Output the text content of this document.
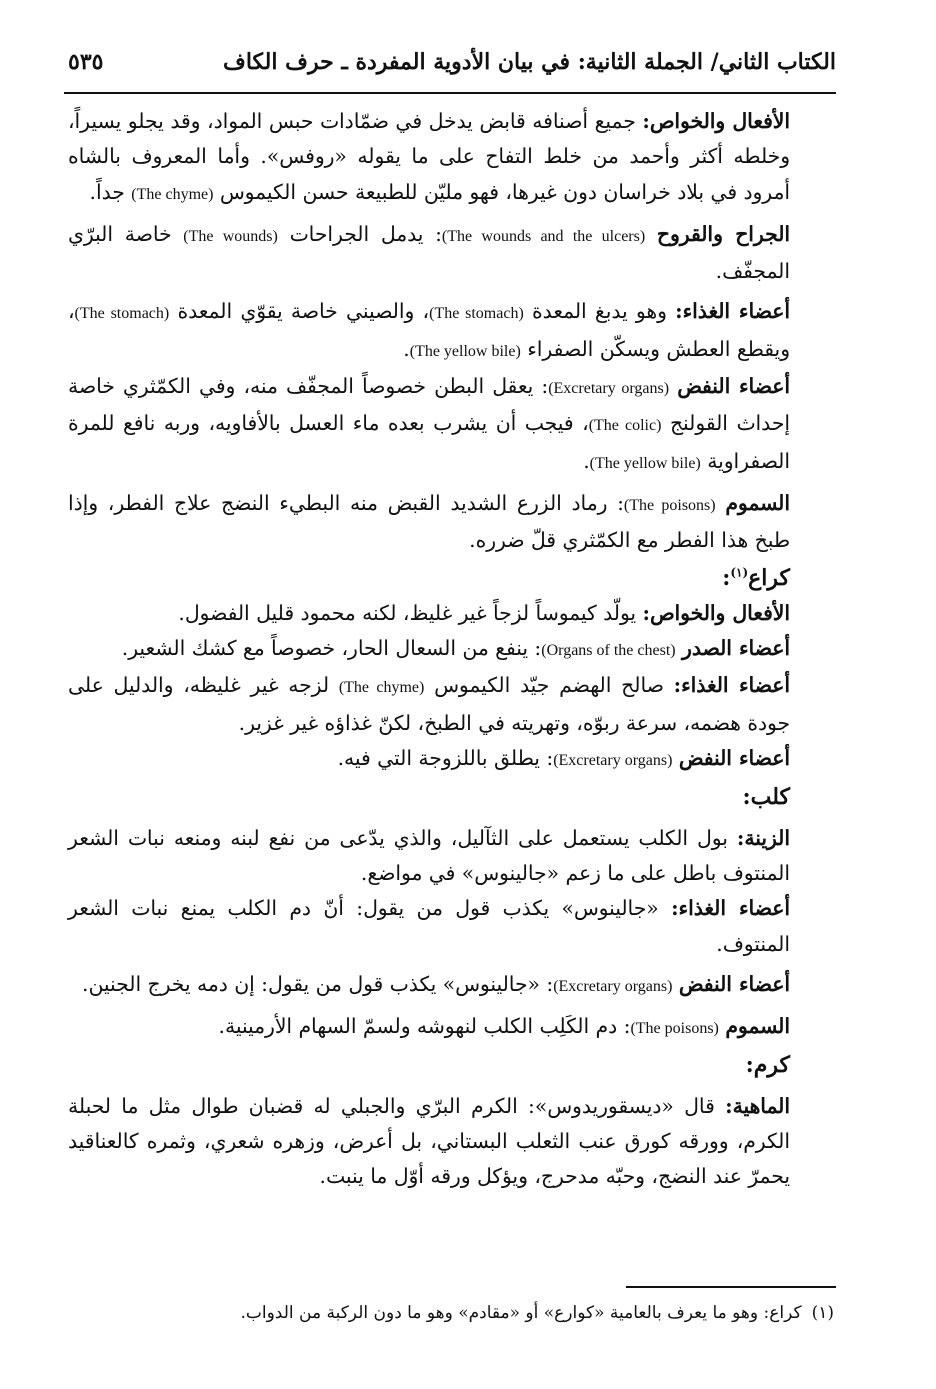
الكتاب الثاني/ الجملة الثانية: في بيان الأدوية المفردة ـ حرف الكاف
٥٣٥

الأفعال والخواص: جميع أصنافه قابض يدخل في ضمّادات حبس المواد، وقد يجلو يسيراً، وخلطه أكثر وأحمد من خلط التفاح على ما يقوله «روفس». وأما المعروف بالشاه أمرود في بلاد خراسان دون غيرها، فهو مليّن للطبيعة حسن الكيموس (The chyme) جداً.

الجراح والقروح (The wounds and the ulcers): يدمل الجراحات (The wounds) خاصة البرّي المجفّف.

أعضاء الغذاء: وهو يدبغ المعدة (The stomach)، والصيني خاصة يقوّي المعدة (The stomach)، ويقطع العطش ويسكّن الصفراء (The yellow bile).

أعضاء النفض (Excretary organs): يعقل البطن خصوصاً المجفّف منه، وفي الكمّثري خاصة إحداث القولنج (The colic)، فيجب أن يشرب بعده ماء العسل بالأفاويه، وربه نافع للمرة الصفراوية (The yellow bile).

السموم (The poisons): رماد الزرع الشديد القبض منه البطيء النضج علاج الفطر، وإذا طبخ هذا الفطر مع الكمّثري قلّ ضرره.

كراع$^{(١)}$:

الأفعال والخواص: يولّد كيموساً لزجاً غير غليظ، لكنه محمود قليل الفضول.

أعضاء الصدر (Organs of the chest): ينفع من السعال الحار، خصوصاً مع كشك الشعير.

أعضاء الغذاء: صالح الهضم جيّد الكيموس (The chyme) لزجه غير غليظه، والدليل على جودة هضمه، سرعة ربوّه، وتهريته في الطبخ، لكنّ غذاؤه غير غزير.

أعضاء النفض (Excretary organs): يطلق باللزوجة التي فيه.

كلب:

الزينة: بول الكلب يستعمل على الثآليل، والذي يدّعى من نفع لبنه ومنعه نبات الشعر المنتوف باطل على ما زعم «جالينوس» في مواضع.

أعضاء الغذاء: «جالينوس» يكذب قول من يقول: أنّ دم الكلب يمنع نبات الشعر المنتوف.

أعضاء النفض (Excretary organs): «جالينوس» يكذب قول من يقول: إن دمه يخرج الجنين.

السموم (The poisons): دم الكَلِب الكلب لنهوشه ولسمّ السهام الأرمينية.

كرم:

الماهية: قال «ديسقوريدوس»: الكرم البرّي والجبلي له قضبان طوال مثل ما لحبلة الكرم، وورقه كورق عنب الثعلب البستاني، بل أعرض، وزهره شعري، وثمره كالعناقيد يحمرّ عند النضج، وحبّه مدحرج، ويؤكل ورقه أوّل ما ينبت.

(١)كراع: وهو ما يعرف بالعامية «كوارع» أو «مقادم» وهو ما دون الركبة من الدواب.
